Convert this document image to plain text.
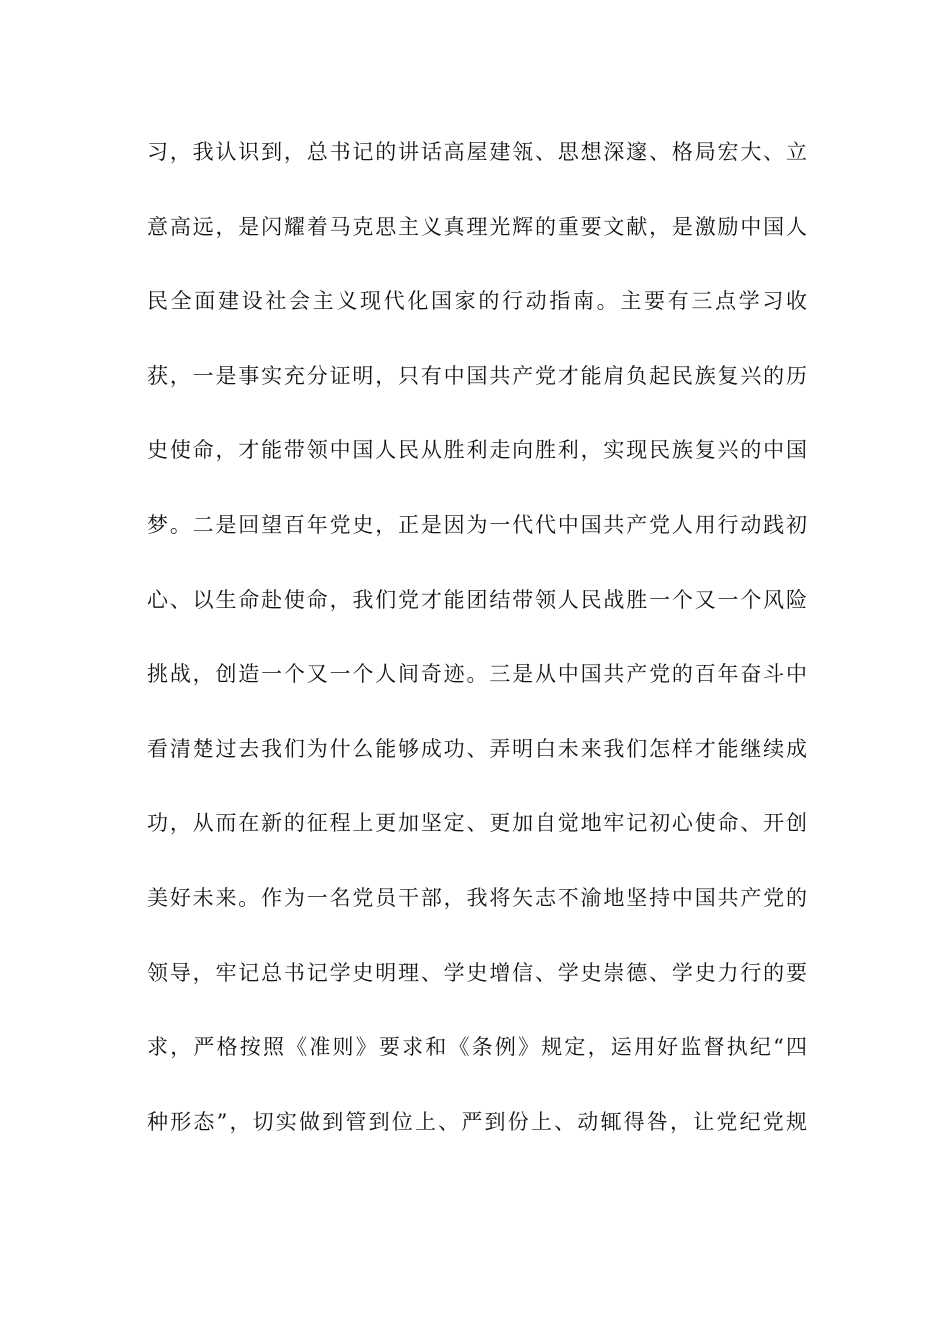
习，我认识到，总书记的讲话高屋建瓴、思想深邃、格局宏大、立
意高远，是闪耀着马克思主义真理光辉的重要文献，是激励中国人
民全面建设社会主义现代化国家的行动指南。主要有三点学习收
获，一是事实充分证明，只有中国共产党才能肩负起民族复兴的历
史使命，才能带领中国人民从胜利走向胜利，实现民族复兴的中国
梦。二是回望百年党史，正是因为一代代中国共产党人用行动践初
心、以生命赴使命，我们党才能团结带领人民战胜一个又一个风险
挑战，创造一个又一个人间奇迹。三是从中国共产党的百年奋斗中
看清楚过去我们为什么能够成功、弄明白未来我们怎样才能继续成
功，从而在新的征程上更加坚定、更加自觉地牢记初心使命、开创
美好未来。作为一名党员干部，我将矢志不渝地坚持中国共产党的
领导，牢记总书记学史明理、学史增信、学史崇德、学史力行的要
求，严格按照《准则》要求和《条例》规定，运用好监督执纪“四
种形态”，切实做到管到位上、严到份上、动辄得咎，让党纪党规
